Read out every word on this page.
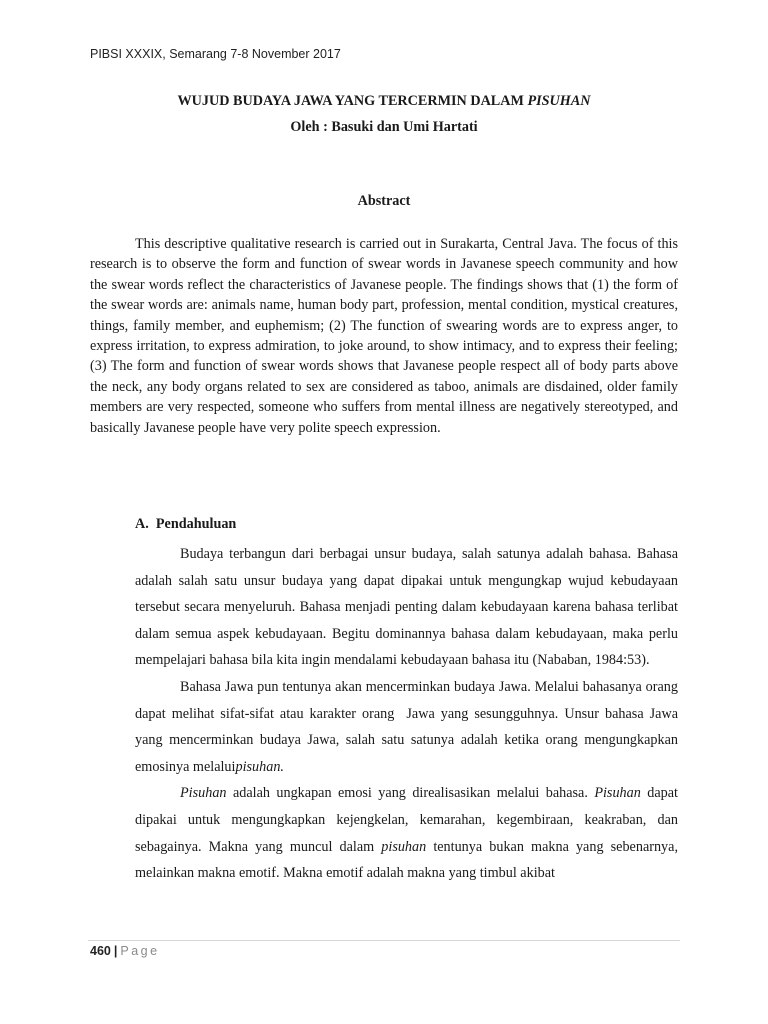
PIBSI XXXIX, Semarang 7-8 November 2017
WUJUD BUDAYA JAWA YANG TERCERMIN DALAM PISUHAN
Oleh : Basuki dan Umi Hartati
Abstract

This descriptive qualitative research is carried out in Surakarta, Central Java. The focus of this research is to observe the form and function of swear words in Javanese speech community and how the swear words reflect the characteristics of Javanese people. The findings shows that (1) the form of the swear words are: animals name, human body part, profession, mental condition, mystical creatures, things, family member, and euphemism; (2) The function of swearing words are to express anger, to express irritation, to express admiration, to joke around, to show intimacy, and to express their feeling; (3) The form and function of swear words shows that Javanese people respect all of body parts above the neck, any body organs related to sex are considered as taboo, animals are disdained, older family members are very respected, someone who suffers from mental illness are negatively stereotyped, and basically Javanese people have very polite speech expression.

A.  Pendahuluan

Budaya terbangun dari berbagai unsur budaya, salah satunya adalah bahasa. Bahasa adalah salah satu unsur budaya yang dapat dipakai untuk mengungkap wujud kebudayaan tersebut secara menyeluruh. Bahasa menjadi penting dalam kebudayaan karena bahasa terlibat dalam semua aspek kebudayaan. Begitu dominannya bahasa dalam kebudayaan, maka perlu mempelajari bahasa bila kita ingin mendalami kebudayaan bahasa itu (Nababan, 1984:53).

Bahasa Jawa pun tentunya akan mencerminkan budaya Jawa. Melalui bahasanya orang dapat melihat sifat-sifat atau karakter orang  Jawa yang sesungguhnya. Unsur bahasa Jawa yang mencerminkan budaya Jawa, salah satu satunya adalah ketika orang mengungkapkan emosinya melaluipisuhan.

Pisuhan adalah ungkapan emosi yang direalisasikan melalui bahasa. Pisuhan dapat dipakai untuk mengungkapkan kejengkelan, kemarahan, kegembiraan, keakraban, dan sebagainya. Makna yang muncul dalam pisuhan tentunya bukan makna yang sebenarnya, melainkan makna emotif. Makna emotif adalah makna yang timbul akibat

460 | Page
